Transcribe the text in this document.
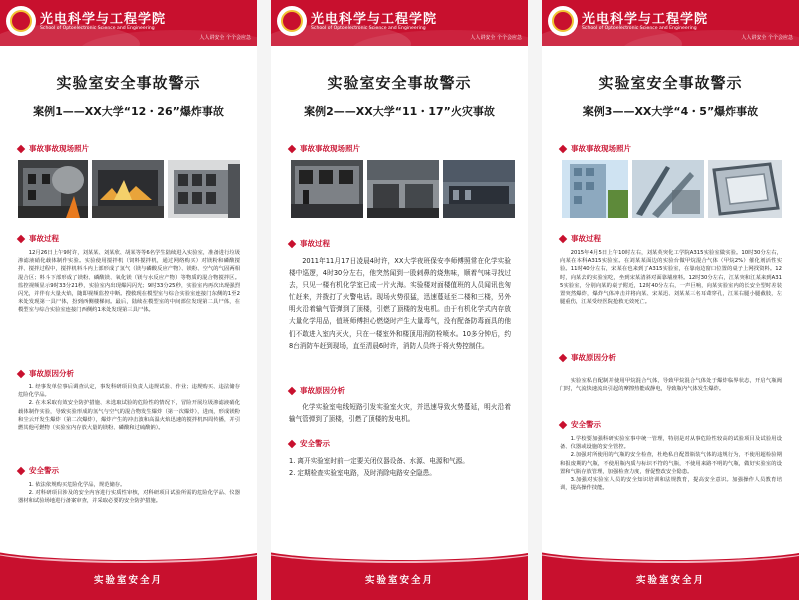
光电科学与工程学院
School of Optoelectronic Science and Engineering
人人讲安全 个个会应急
实验室安全事故警示
案例1——XX大学“12・26”爆炸事故
事故事故现场照片
事故过程
12月26日上午9时许，刘某某、刘某欣、胡某等等6名学生陆续进入实验室，准备进行垃圾渗滤液硝化载体制作实验。实验使用搅拌机（饲料搅拌机，通过网络购买）对镁粉和磷酸搅拌、搅拌过程中，搅拌机料斗内上部形成了氢气（镁与磷酸反应产物）、镁粉、空气的气固两相混合区；料斗下部形成了镁粉、磷酸镁、氧化镁（镁与水反应产物）等物质的混合物搅拌区。监控视频显示9时33分21秒，实验室内出现爆闪闪光；9时33分25秒，实验室内再次出现强烈闪光，并伴有大量火焰，随即视频监控中断。搜救现在模型室与综合实验室连接门东侧的1至2米处发现第一具尸体，扮到西侧楼梯间。最后，陆续在模型室的中间部位发现第二具尸体，在模型室与综合实验室连接门西侧约1米处发现第三具尸体。
事故原因分析
1. 经事发单位事后调查认定，事发科研项目负责人违规试验、作业；违规购买、违法储存危险化学品。
2. 在未采取有效安全防护措施、未选取试验的危险性的情况下，冒险开展垃圾渗滤液硝化载体制作实验，导致实验形成的氢气与空气的混合物发生爆炸（第一次爆炸），进而，形成镁粉和尘云开发生爆炸（第二次爆炸），爆炸产生的冲击波和高温火焰迅速的搅拌机四周传播，并引燃其他可燃物（实验室内存放大量的镁粉、磷酸和过硫酸钠）。
安全警示
1. 依法依规购买危险化学品，规范储存。
2. 对科研项目涉及的安全内容进行实质性审核，对科研项目试验所需的危险化学品、仪器器材和试验场地进行备案审查，并采取必要的安全防护措施。
实验室安全月
光电科学与工程学院
School of Optoelectronic Science and Engineering
人人讲安全 个个会应急
实验室安全事故警示
案例2——XX大学“11・17”火灾事故
事故事故现场照片
事故过程
2011年11月17日凌晨4时许，XX大学夜班保安李师傅照常在化学实验楼中巡逻，4时30分左右，他突然闻到一股刺鼻的烧焦味，顺着气味寻找过去，只见一楼有机化学室已成一片火海。实验楼对面楼值班的人员闻讯也匆忙赶来，并拨打了火警电话。现场火势很猛，迅速蔓延至二楼和三楼，另外明火沿着输气管弹到了顶楼，引燃了顶楼的发电机。由于有机化学式内存放大量化学用品，值班师傅担心燃烧时产生大量毒气，没有配备防毒面具的他们不敢进入室内灭火，只在一楼室外和楼顶用消防栓喷水。10多分钟后，约8台消防车赶到现场，直至清晨6时许，消防人员终于将火势控制住。
事故原因分析
化学实验室电线短路引发实验室火灾，并迅速导致火势蔓延，明火沿着输气管弹到了顶楼，引燃了顶楼的发电机。
安全警示
1. 离开实验室时前一定要关闭仪器设备、水源、电源和气源。
2. 定期检查实验室电路，及时消除电路安全隐患。
实验室安全月
光电科学与工程学院
School of Optoelectronic Science and Engineering
人人讲安全 个个会应急
实验室安全事故警示
案例3——XX大学“4・5”爆炸事故
事故事故现场照片
事故过程
2015年4月5日上午10时左右，刘某英突化工学院A315实验室做实验。10时30分左右，向某在本科A315实验室。在刘某某面边的实验台做甲烷混合气体（甲烷2%）催化剂活性实验。11时40分左右，宋某在也来到了A315实验室，在靠南边窗口位置的桌子上网找资料。12时，向某去的实验室吃，坐到宋某清斜对面靠墙座料。12时30分左右，江某突和江某来到A315实验室，分别向某的桌子附近，12时40分左右，一声巨响，向某实验室内的长安全型时差装置突然爆炸，爆炸气体冲击并将向某、宋某迅、刘某某三名耳聋穿孔，江某右腿小腿截肢，左腿重伤，江某受经医院抢救无效死亡。
事故原因分析
实验室私自配制并使用甲烷混合气体，导致甲烷混合气体处于爆炸临界状态，开启气瓶阀门时，气流快速流出引起的摩擦热能或静电，导致瓶内气体发生爆炸。
安全警示
1.学校要加强科研实验室事中统一管理，特别是对从事危险性较高的试验项目及试验用设备、仪器或设施的安全管控。
2.加强对所使用的气瓶的安全检查，杜绝私自配置瓶装气体的违规行为，不使用超检验期和报废期的气瓶，不使用瓶内质与标识不符的气瓶，不使用来路不明的气瓶，做好实验室的设置和气瓶存放管理，加强检查力度，督促整改安全隐患。
3.加强对实验室人员的安全知识培训和法规教育，提高安全意识。加强操作人员教育培训，提高操作技能。
实验室安全月
